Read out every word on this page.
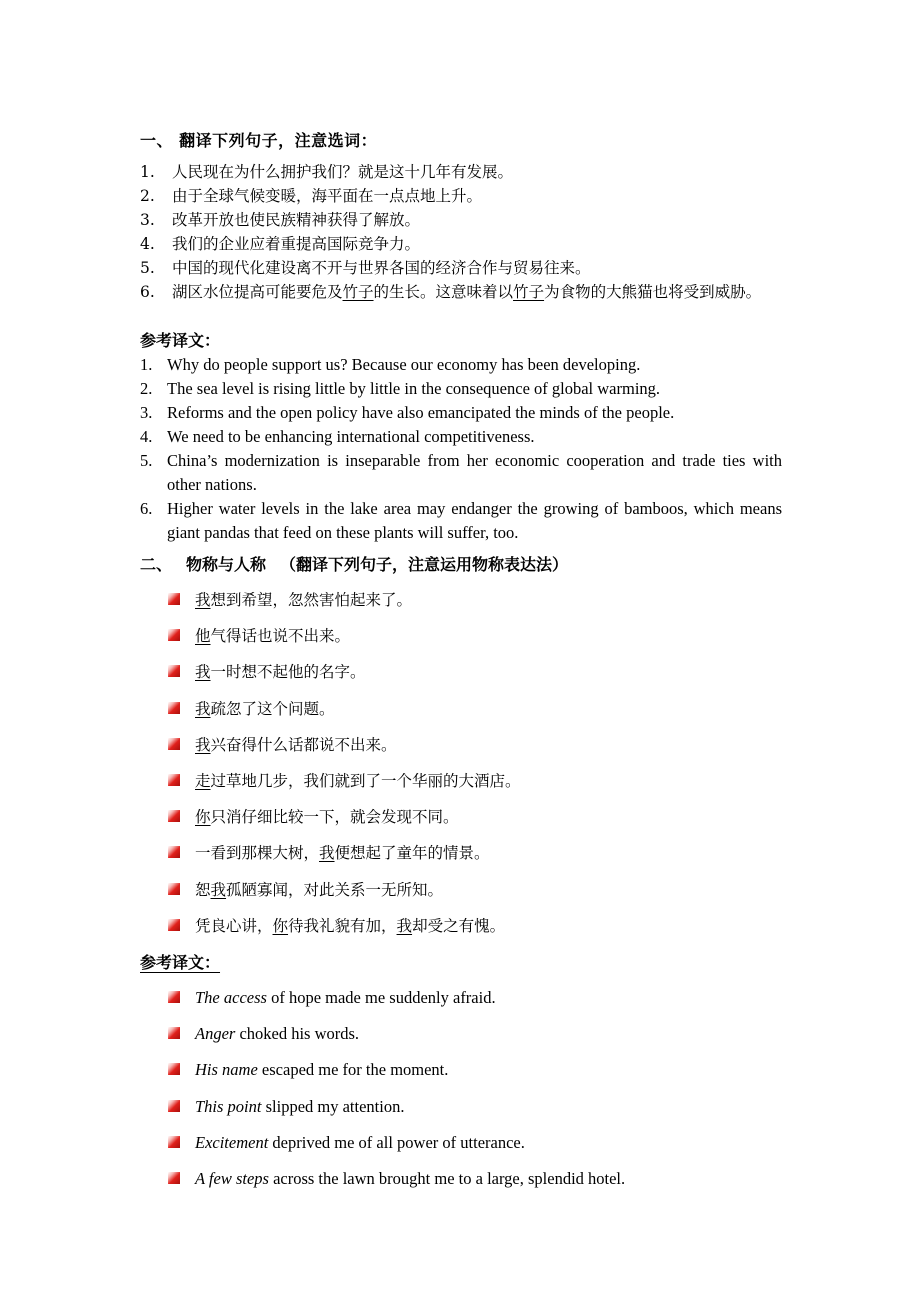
一、 翻译下列句子，注意选词：
1. 人民现在为什么拥护我们？就是这十几年有发展。
2. 由于全球气候变暖，海平面在一点点地上升。
3. 改革开放也使民族精神获得了解放。
4. 我们的企业应着重提高国际竞争力。
5. 中国的现代化建设离不开与世界各国的经济合作与贸易往来。
6. 湖区水位提高可能要危及竹子的生长。这意味着以竹子为食物的大熊猫也将受到威胁。
参考译文：
1. Why do people support us? Because our economy has been developing.
2. The sea level is rising little by little in the consequence of global warming.
3. Reforms and the open policy have also emancipated the minds of the people.
4. We need to be enhancing international competitiveness.
5. China’s modernization is inseparable from her economic cooperation and trade ties with other nations.
6. Higher water levels in the lake area may endanger the growing of bamboos, which means giant pandas that feed on these plants will suffer, too.
二、 物称与人称 （翻译下列句子，注意运用物称表达法）
我想到希望，忽然害怕起来了。
他气得话也说不出来。
我一时想不起他的名字。
我疏忽了这个问题。
我兴奋得什么话都说不出来。
走过草地几步，我们就到了一个华丽的大酒店。
你只消仔细比较一下，就会发现不同。
一看到那棵大树，我便想起了童年的情景。
恕我孤陋寡闻，对此关系一无所知。
凭良心讲，你待我礼貌有加，我却受之有愧。
参考译文：
The access of hope made me suddenly afraid.
Anger choked his words.
His name escaped me for the moment.
This point slipped my attention.
Excitement deprived me of all power of utterance.
A few steps across the lawn brought me to a large, splendid hotel.
